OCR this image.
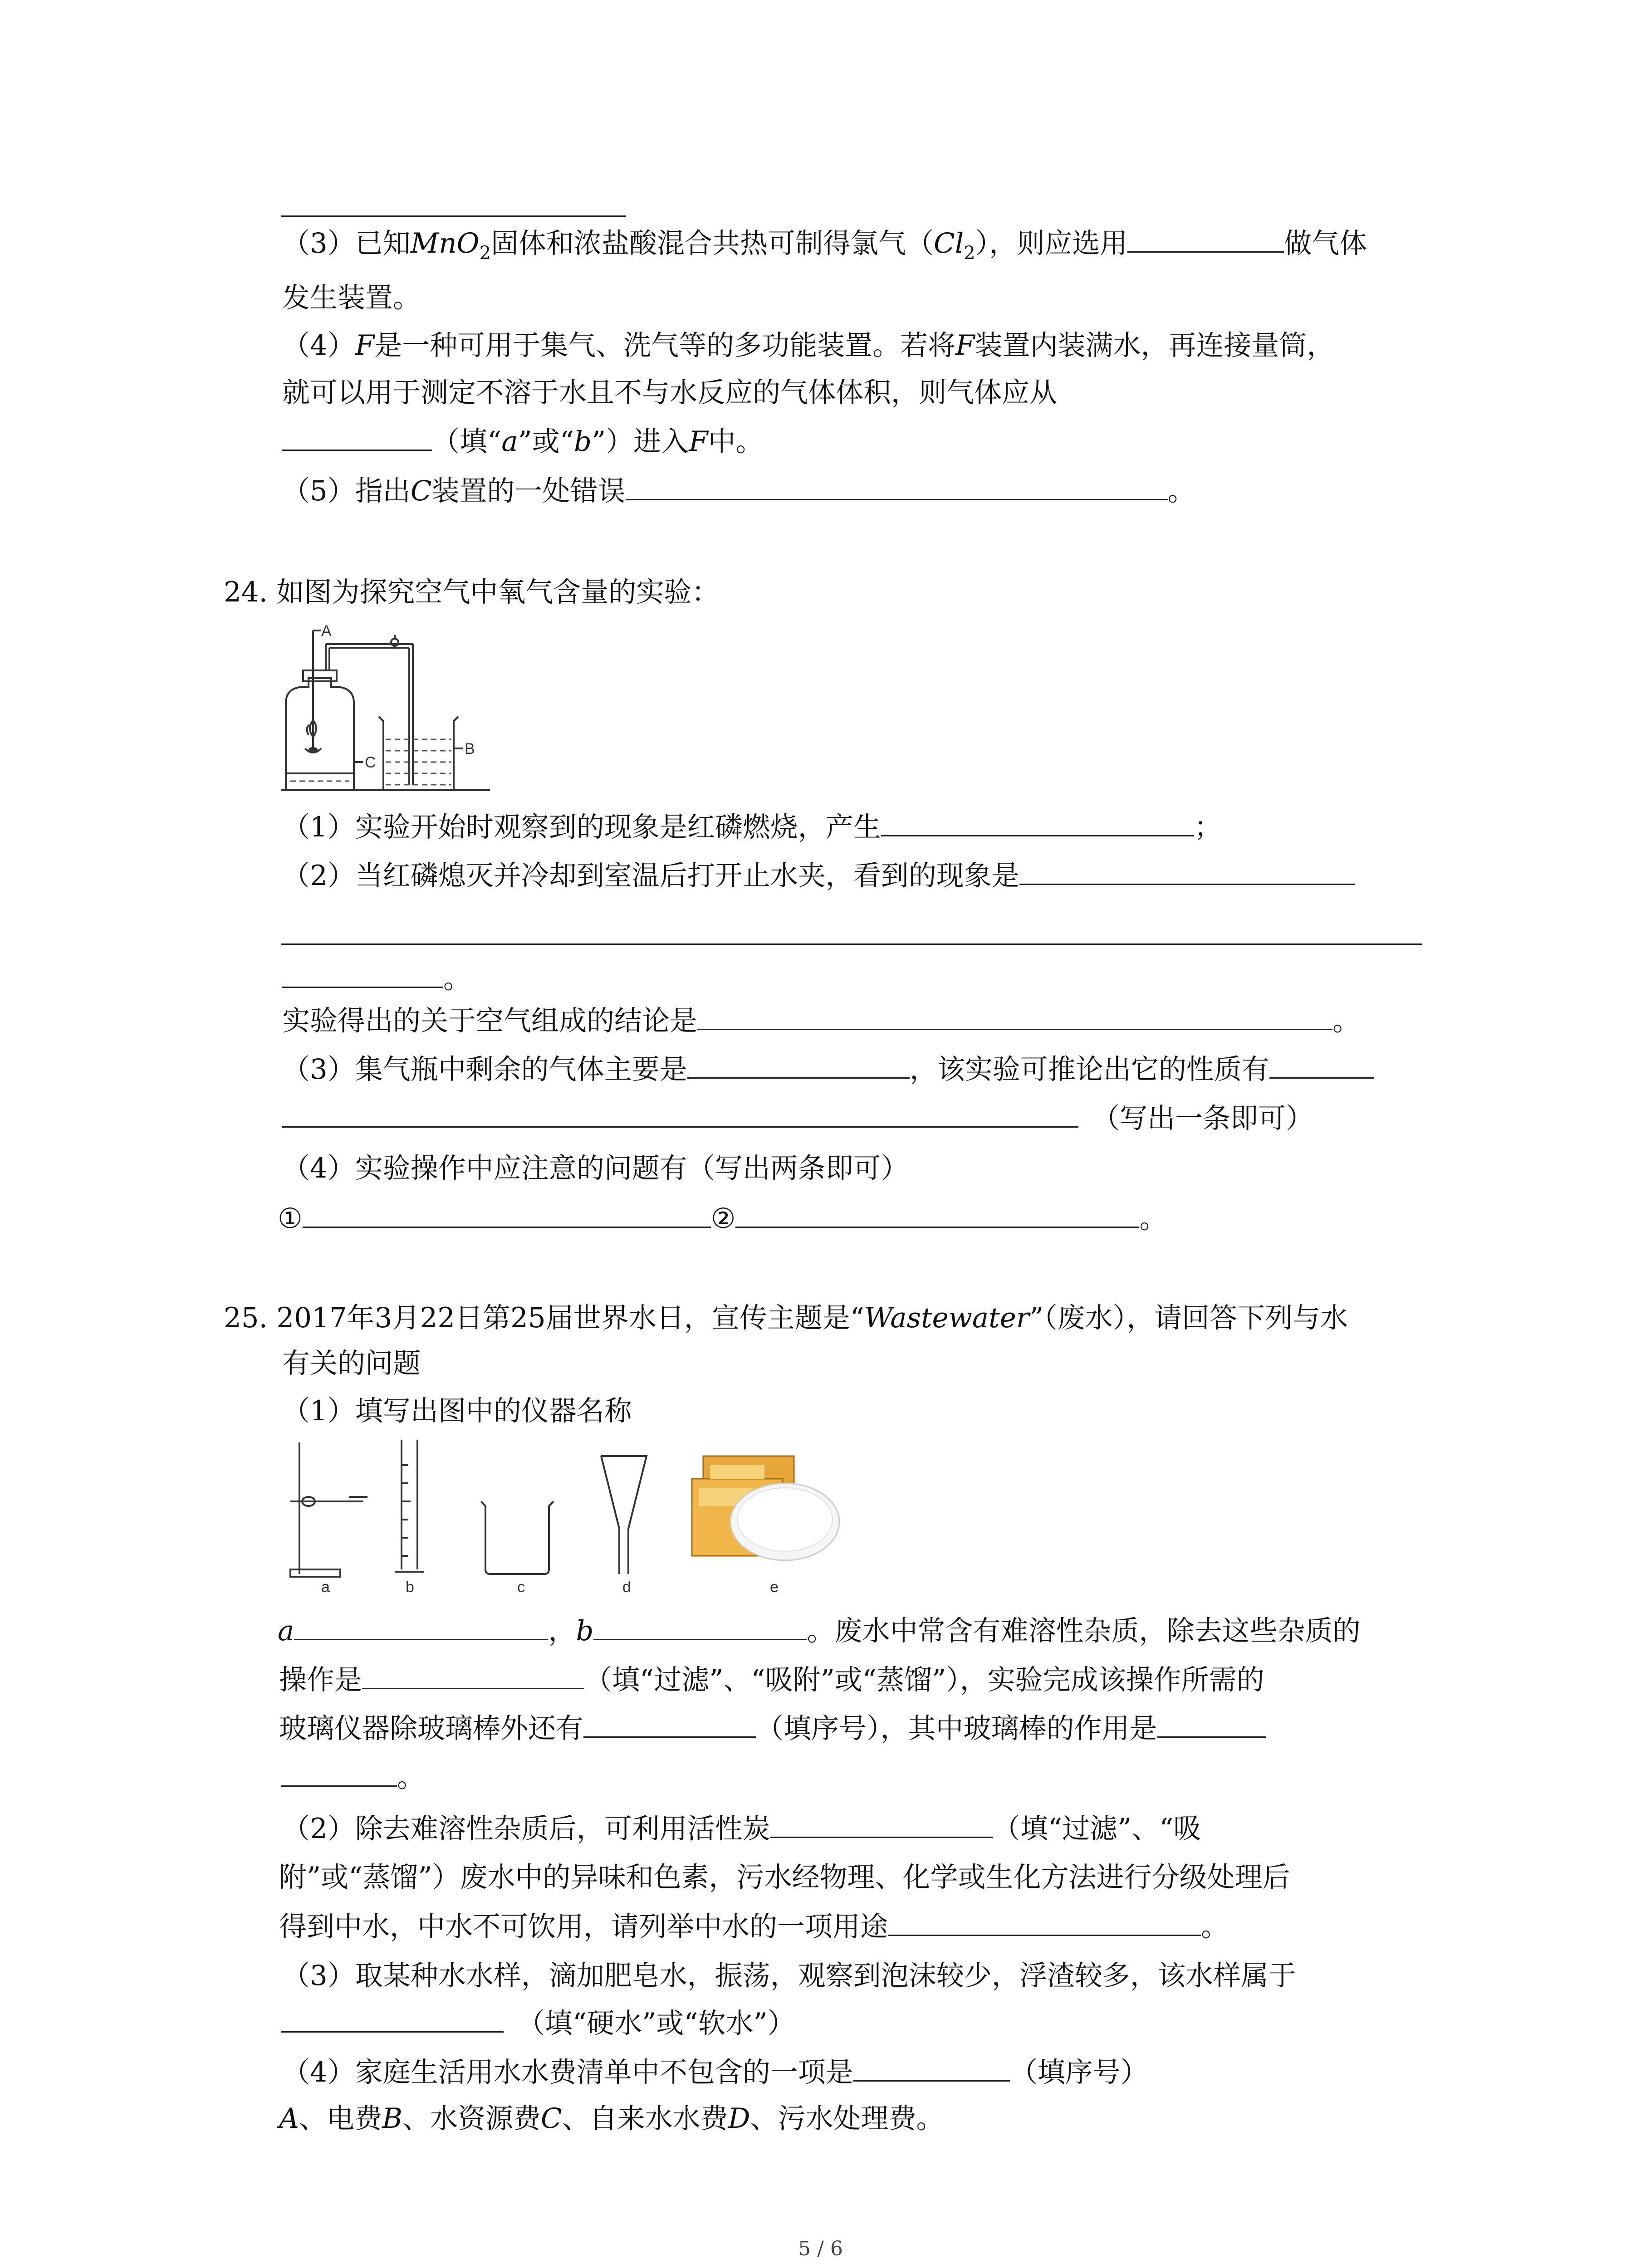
（3）已知MnO$_2$固体和浓盐酸混合共热可制得氯气$(Cl_2)$，则应选用	做气体
发生装置。
（4）F是一种可用于集气、洗气等的多功能装置。若将F装置内装满水，再连接量筒，
就可以用于测定不溶于水且不与水反应的气体体积，则气体应从
（填“a”或“b”）进入F中。
（5）指出C装置的一处错误	。
24. 如图为探究空气中氧气含量的实验：
A
B
C
（1）实验开始时观察到的现象是红磷燃烧，产生	；
（2）当红磷熄灭并冷却到室温后打开止水夹，看到的现象是
。
实验得出的关于空气组成的结论是	。
（3）集气瓶中剩余的气体主要是	，该实验可推论出它的性质有
（写出一条即可）
（4）实验操作中应注意的问题有（写出两条即可）
①	②	。
25. 2017年3月22日第25届世界水日，宣传主题是“Wastewater”（废水），请回答下列与水
有关的问题
（1）填写出图中的仪器名称
a	b	c	d	e
a	，b	。废水中常含有难溶性杂质，除去这些杂质的
操作是	（填“过滤”、“吸附”或“蒸馏”），实验完成该操作所需的
玻璃仪器除玻璃棒外还有	（填序号），其中玻璃棒的作用是
。
（2）除去难溶性杂质后，可利用活性炭	（填“过滤”、“吸
附”或“蒸馏”）废水中的异味和色素，污水经物理、化学或生化方法进行分级处理后
得到中水，中水不可饮用，请列举中水的一项用途	。
（3）取某种水水样，滴加肥皂水，振荡，观察到泡沫较少，浮渣较多，该水样属于
（填“硬水”或“软水”）
（4）家庭生活用水水费清单中不包含的一项是	（填序号）
A、电费B、水资源费C、自来水水费D、污水处理费。
5 / 6
